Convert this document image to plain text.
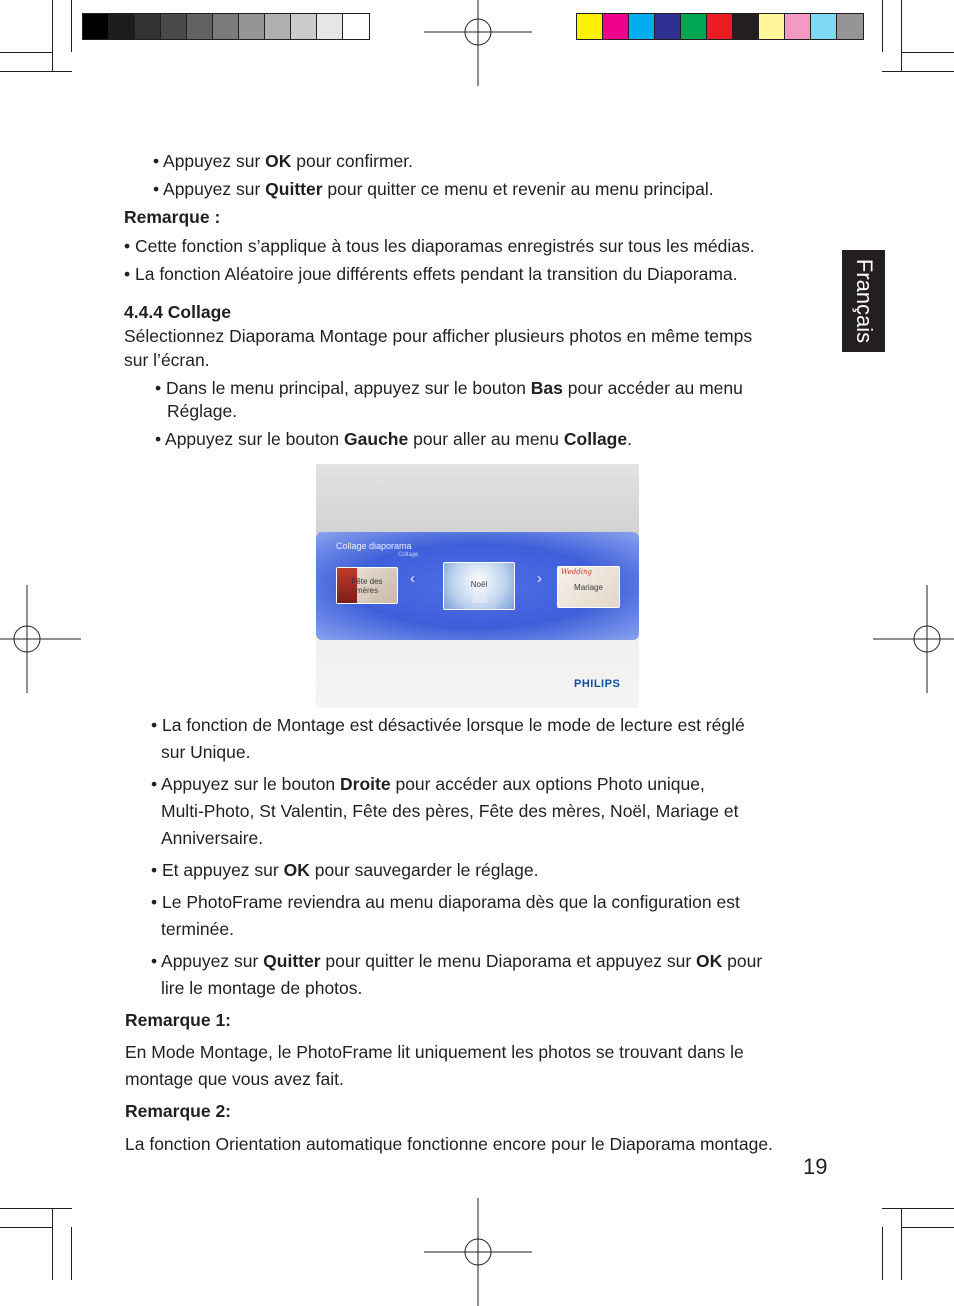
Français
• Appuyez sur OK pour confirmer.
• Appuyez sur Quitter pour quitter ce menu et revenir au menu principal.
Remarque :
• Cette fonction s’applique à tous les diaporamas enregistrés sur tous les médias.
• La fonction Aléatoire joue différents effets pendant la transition du Diaporama.
4.4.4 Collage
Sélectionnez Diaporama Montage pour afficher plusieurs photos en même temps
sur l’écran.
• Dans le menu principal, appuyez sur le bouton Bas pour accéder au menu
Réglage.
• Appuyez sur le bouton Gauche pour aller au menu Collage.
Collage diaporama
Collage
Fête des mères
‹	Noël	›	Wedding
Mariage
PHILIPS
• La fonction de Montage est désactivée lorsque le mode de lecture est réglé
sur Unique.
• Appuyez sur le bouton Droite pour accéder aux options Photo unique,
Multi-Photo, St Valentin, Fête des pères, Fête des mères, Noël, Mariage et
Anniversaire.
• Et appuyez sur OK pour sauvegarder le réglage.
• Le PhotoFrame reviendra au menu diaporama dès que la configuration est
terminée.
• Appuyez sur Quitter pour quitter le menu Diaporama et appuyez sur OK pour
lire le montage de photos.
Remarque 1:
En Mode Montage, le PhotoFrame lit uniquement les photos se trouvant dans le
montage que vous avez fait.
Remarque 2:
La fonction Orientation automatique fonctionne encore pour le Diaporama montage.
19
